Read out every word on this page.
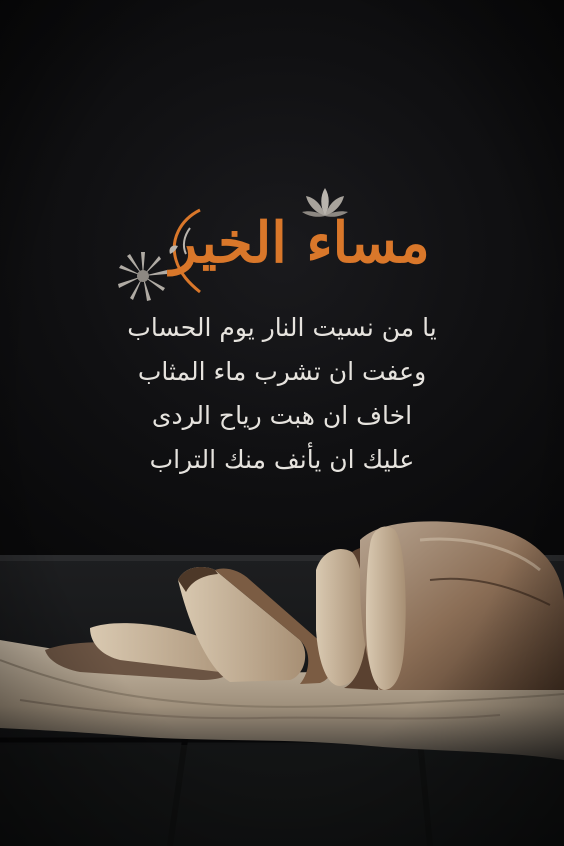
مساء الخير
يا من نسيت النار يوم الحساب
وعفت ان تشرب ماء المثاب
اخاف ان هبت رياح الردى
عليك ان يأنف منك التراب
